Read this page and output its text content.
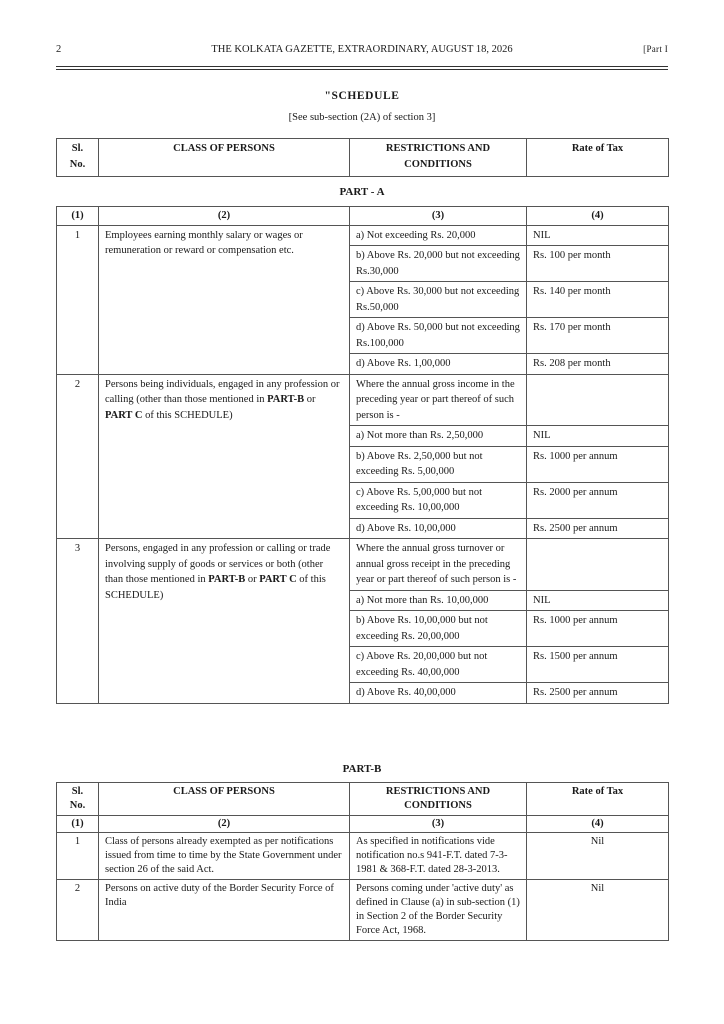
2	THE KOLKATA GAZETTE, EXTRAORDINARY, AUGUST 18, 2026	[Part I
"SCHEDULE
[See sub-section (2A) of section 3]
Sl. No.	CLASS OF PERSONS	RESTRICTIONS AND CONDITIONS	Rate of Tax
PART - A
(1)	(2)	(3)	(4)
1	Employees earning monthly salary or wages or remuneration or reward or compensation etc.	a) Not exceeding Rs. 20,000	NIL
		b) Above Rs. 20,000 but not exceeding Rs.30,000	Rs. 100 per month
		c) Above Rs. 30,000 but not exceeding Rs.50,000	Rs. 140 per month
		d) Above Rs. 50,000 but not exceeding Rs.100,000	Rs. 170 per month
		d) Above Rs. 1,00,000	Rs. 208 per month
2	Persons being individuals, engaged in any profession or calling (other than those mentioned in PART-B or PART C of this SCHEDULE)	Where the annual gross income in the preceding year or part thereof of such person is -	
		a) Not more than Rs. 2,50,000	NIL
		b) Above Rs. 2,50,000 but not exceeding Rs. 5,00,000	Rs. 1000 per annum
		c) Above Rs. 5,00,000 but not exceeding Rs. 10,00,000	Rs. 2000 per annum
		d) Above Rs. 10,00,000	Rs. 2500 per annum
3	Persons, engaged in any profession or calling or trade involving supply of goods or services or both (other than those mentioned in PART-B or PART C of this SCHEDULE)	Where the annual gross turnover or annual gross receipt in the preceding year or part thereof of such person is -	
		a) Not more than Rs. 10,00,000	NIL
		b) Above Rs. 10,00,000 but not exceeding Rs. 20,00,000	Rs. 1000 per annum
		c) Above Rs. 20,00,000 but not exceeding Rs. 40,00,000	Rs. 1500 per annum
		d) Above Rs. 40,00,000	Rs. 2500 per annum
PART-B
Sl. No.	CLASS OF PERSONS	RESTRICTIONS AND CONDITIONS	Rate of Tax
(1)	(2)	(3)	(4)
1	Class of persons already exempted as per notifications issued from time to time by the State Government under section 26 of the said Act.	As specified in notifications vide notification no.s 941-F.T. dated 7-3-1981 & 368-F.T. dated 28-3-2013.	Nil
2	Persons on active duty of the Border Security Force of India	Persons coming under 'active duty' as defined in Clause (a) in sub-section (1) in Section 2 of the Border Security Force Act, 1968.	Nil
